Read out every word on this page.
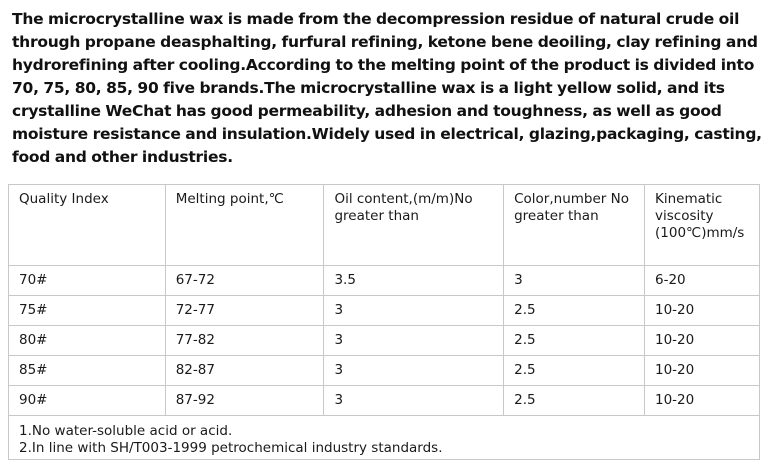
The microcrystalline wax is made from the decompression residue of natural crude oil through propane deasphalting, furfural refining, ketone bene deoiling, clay refining and hydrorefining after cooling.According to the melting point of the product is divided into 70, 75, 80, 85, 90 five brands.The microcrystalline wax is a light yellow solid, and its crystalline WeChat has good permeability, adhesion and toughness, as well as good moisture resistance and insulation.Widely used in electrical, glazing,packaging, casting, food and other industries.
Quality Index	Melting point,℃	Oil content,(m/m)No greater than	Color,number No greater than	Kinematic viscosity (100℃)mm/s

70#	67-72	3.5	3	6-20

75#	72-77	3	2.5	10-20

80#	77-82	3	2.5	10-20

85#	82-87	3	2.5	10-20

90#	87-92	3	2.5	10-20

1.No water-soluble acid or acid.
2.In line with SH/T003-1999 petrochemical industry standards.				
